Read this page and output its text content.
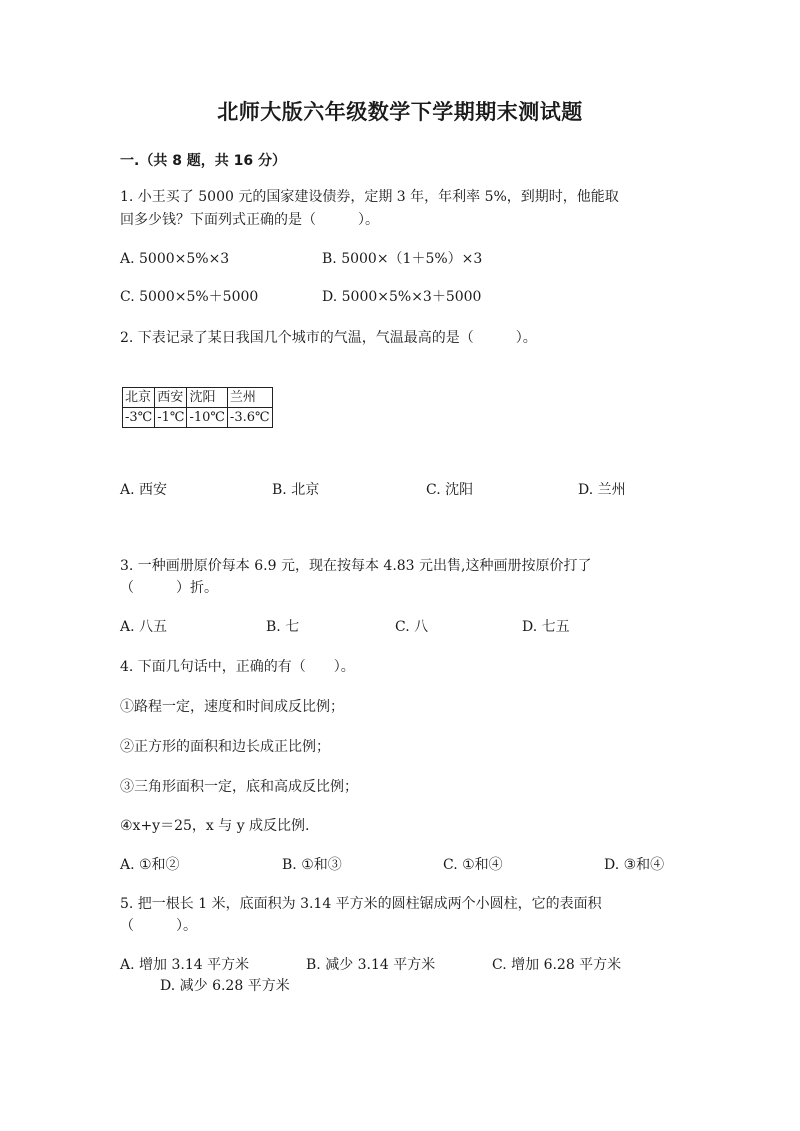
北师大版六年级数学下学期期末测试题
一.（共 8 题，共 16 分）
1. 小王买了 5000 元的国家建设债券，定期 3 年，年利率 5%，到期时，他能取
回多少钱？下面列式正确的是（　　　）。
A. 5000×5%×3	B. 5000×（1＋5%）×3
C. 5000×5%＋5000	D. 5000×5%×3＋5000
2. 下表记录了某日我国几个城市的气温，气温最高的是（　　　）。
北京	西安	沈阳	兰州
-3℃	-1℃	-10℃	-3.6℃
A. 西安	B. 北京	C. 沈阳	D. 兰州
3. 一种画册原价每本 6.9 元，现在按每本 4.83 元出售,这种画册按原价打了
（　　　）折。
A. 八五	B. 七	C. 八	D. 七五
4. 下面几句话中，正确的有（　　）。
①路程一定，速度和时间成反比例；
②正方形的面积和边长成正比例；
③三角形面积一定，底和高成反比例；
④x+y＝25，x 与 y 成反比例.
A. ①和②	B. ①和③	C. ①和④	D. ③和④
5. 把一根长 1 米，底面积为 3.14 平方米的圆柱锯成两个小圆柱，它的表面积
（　　　）。
A. 增加 3.14 平方米	B. 减少 3.14 平方米	C. 增加 6.28 平方米
D. 减少 6.28 平方米
